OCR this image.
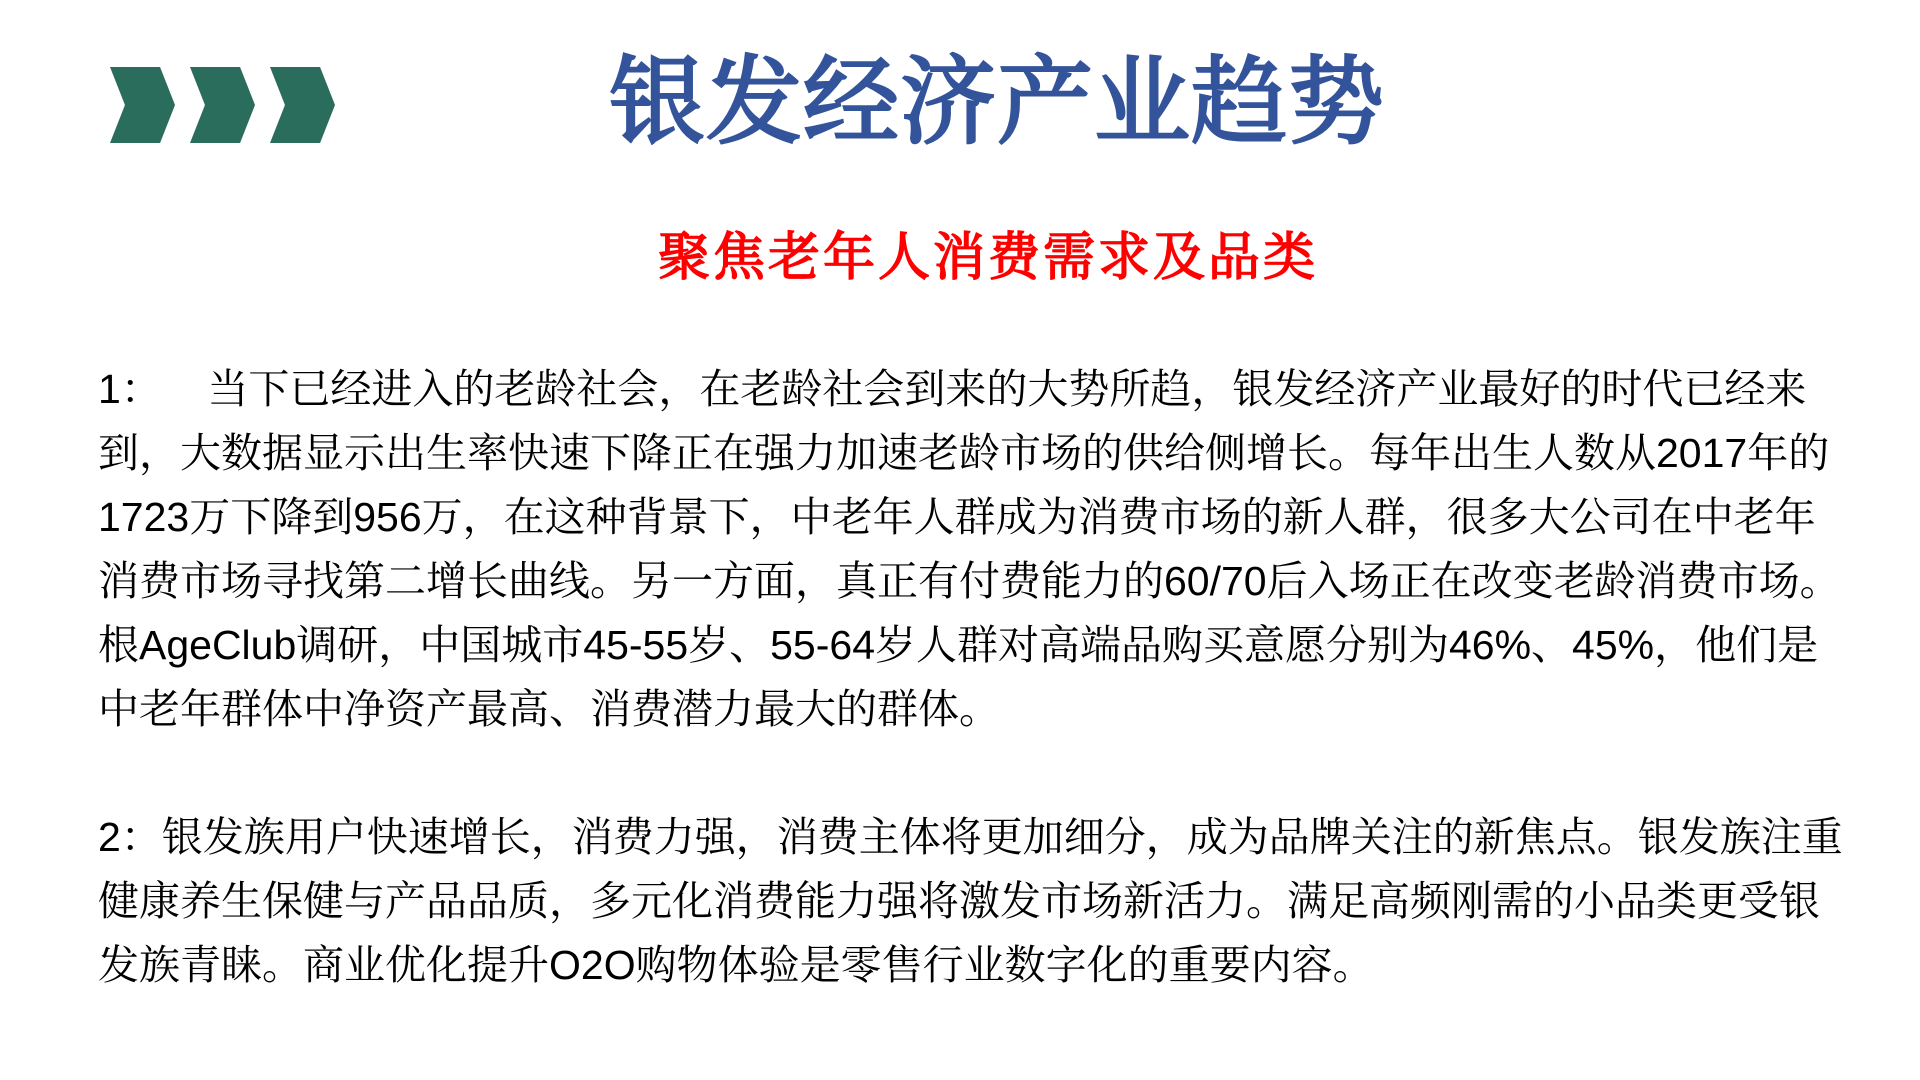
银发经济产业趋势
聚焦老年人消费需求及品类

1：    当下已经进入的老龄社会，在老龄社会到来的大势所趋，银发经济产业最好的时代已经来到，大数据显示出生率快速下降正在强力加速老龄市场的供给侧增长。每年出生人数从2017年的1723万下降到956万，在这种背景下，中老年人群成为消费市场的新人群，很多大公司在中老年消费市场寻找第二增长曲线。另一方面，真正有付费能力的60/70后入场正在改变老龄消费市场。根AgeClub调研，中国城市45-55岁、55-64岁人群对高端品购买意愿分别为46%、45%，他们是中老年群体中净资产最高、消费潜力最大的群体。

2：银发族用户快速增长，消费力强，消费主体将更加细分，成为品牌关注的新焦点。银发族注重健康养生保健与产品品质，多元化消费能力强将激发市场新活力。满足高频刚需的小品类更受银发族青睐。商业优化提升O2O购物体验是零售行业数字化的重要内容。
